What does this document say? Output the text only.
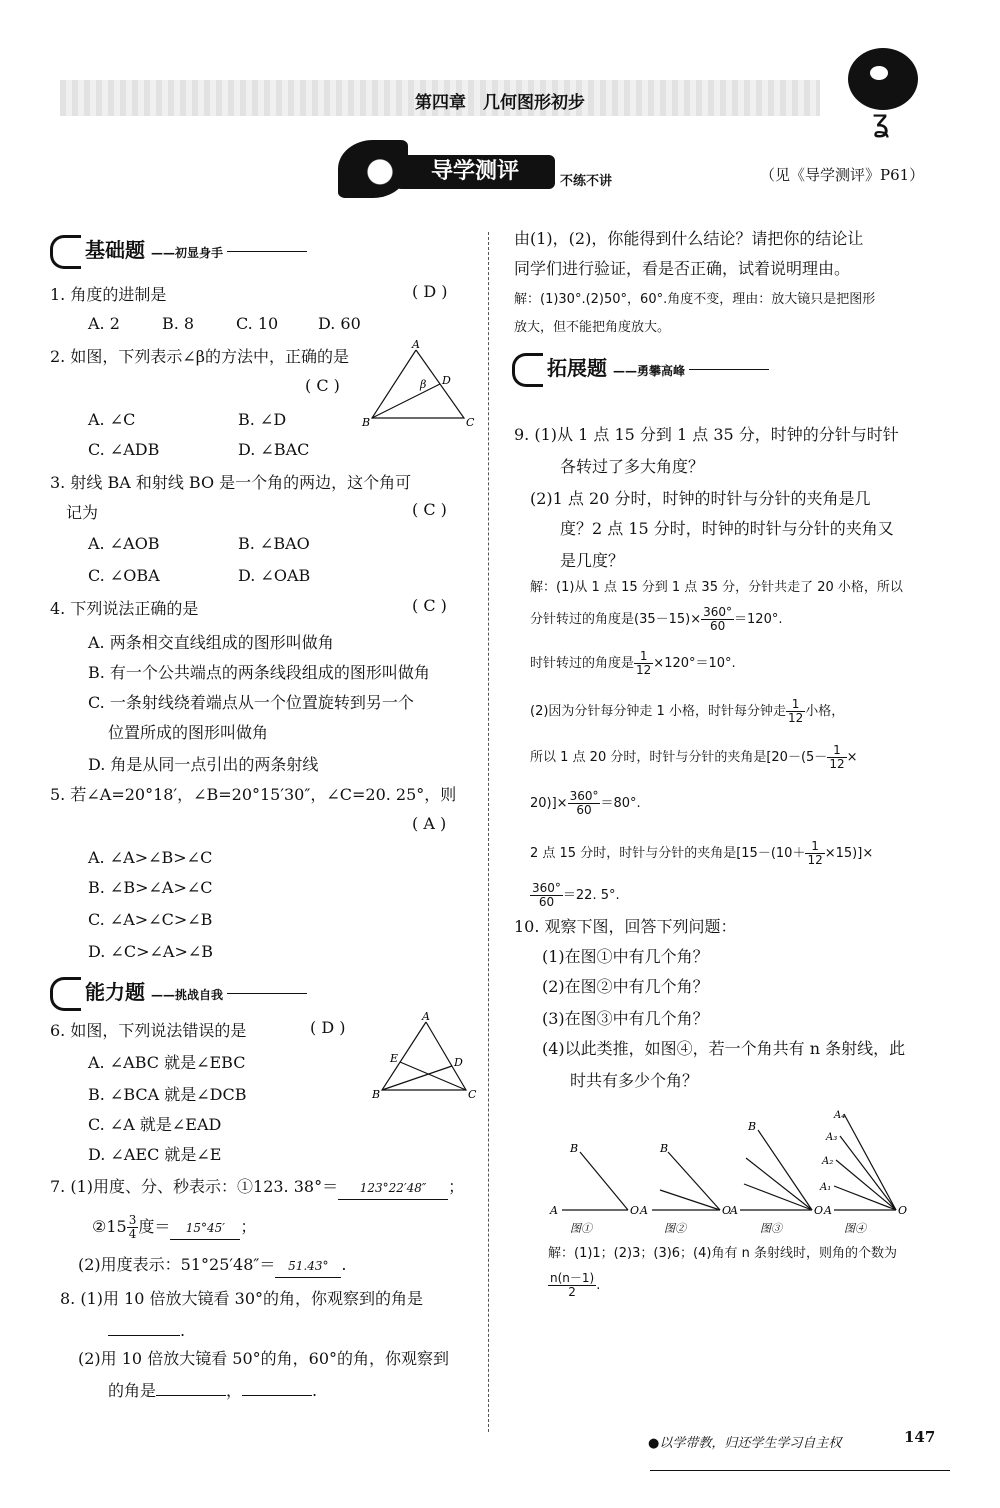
第四章　几何图形初步
ʓ
导学测评	不练不讲	（见《导学测评》P61）
基础题 ——初显身手
1. 角度的进制是	( D )
A. 2	B. 8	C. 10 D. 60
2. 如图，下列表示∠β的方法中，正确的是
( C )
A. ∠C	B. ∠D
C. ∠ADB	D. ∠BAC
A
B	C
D
β
3. 射线 BA 和射线 BO 是一个角的两边，这个角可
记为	( C )
A. ∠AOB	B. ∠BAO
C. ∠OBA	D. ∠OAB
4. 下列说法正确的是	( C )
A. 两条相交直线组成的图形叫做角
B. 有一个公共端点的两条线段组成的图形叫做角
C. 一条射线绕着端点从一个位置旋转到另一个
位置所成的图形叫做角
D. 角是从同一点引出的两条射线
5. 若∠A=20°18′，∠B=20°15′30″，∠C=20. 25°，则
( A )
A. ∠A>∠B>∠C
B. ∠B>∠A>∠C
C. ∠A>∠C>∠B
D. ∠C>∠A>∠B
能力题 ——挑战自我
6. 如图，下列说法错误的是	( D )
A. ∠ABC 就是∠EBC
B. ∠BCA 就是∠DCB
C. ∠A 就是∠EAD
D. ∠AEC 就是∠E
A
B	C
D
E
7. (1)用度、分、秒表示：①123. 38°＝ 123°22′48″ ；
②15 $\frac{3}{4}$ 度＝ 15°45′ ；
(2)用度表示：51°25′48″＝ 51.43° .
8. (1)用 10 倍放大镜看 30°的角，你观察到的角是
.
(2)用 10 倍放大镜看 50°的角，60°的角，你观察到
的角是	，	.
由(1)，(2)，你能得到什么结论？请把你的结论让
同学们进行验证，看是否正确，试着说明理由。
解：(1)30°.(2)50°，60°.角度不变，理由：放大镜只是把图形
放大，但不能把角度放大。
拓展题 ——勇攀高峰
9. (1)从 1 点 15 分到 1 点 35 分，时钟的分针与时针
各转过了多大角度？
(2)1 点 20 分时，时钟的时针与分针的夹角是几
度？2 点 15 分时，时钟的时针与分针的夹角又
是几度？
解：(1)从 1 点 15 分到 1 点 35 分，分针共走了 20 小格，所以
分针转过的角度是$(35-15)\times \frac{360^\circ}{60} =120^\circ$.
时针转过的角度是 $\frac{1}{12} \times 120^\circ=10^\circ$.
(2)因为分针每分钟走 1 小格，时针每分钟走 $\frac{1}{12}$ 小格，
所以 1 点 20 分时，时针与分针的夹角是[$20-(5- \frac{1}{12}$ ×
$20)]\times \frac{360^\circ}{60} =80^\circ$.
2 点 15 分时，时针与分针的夹角是$[15-(10+ \frac{1}{12} \times 15)]\times$
$\frac{360^\circ}{60} =22$. 5°.
10. 观察下图，回答下列问题：
(1)在图①中有几个角？
(2)在图②中有几个角？
(3)在图③中有几个角？
(4)以此类推，如图④，若一个角共有 n 条射线，此
时共有多少个角？
A
B
O
图①
A
B
O
图②
A
B
O
图③
A
A₄
A₃
A₂
A₁
O
图④
解：(1)1；(2)3；(3)6；(4)角有 n 条射线时，则角的个数为
$\frac{n(n-1)}{2}$ .
●以学带教，归还学生学习自主权	147
